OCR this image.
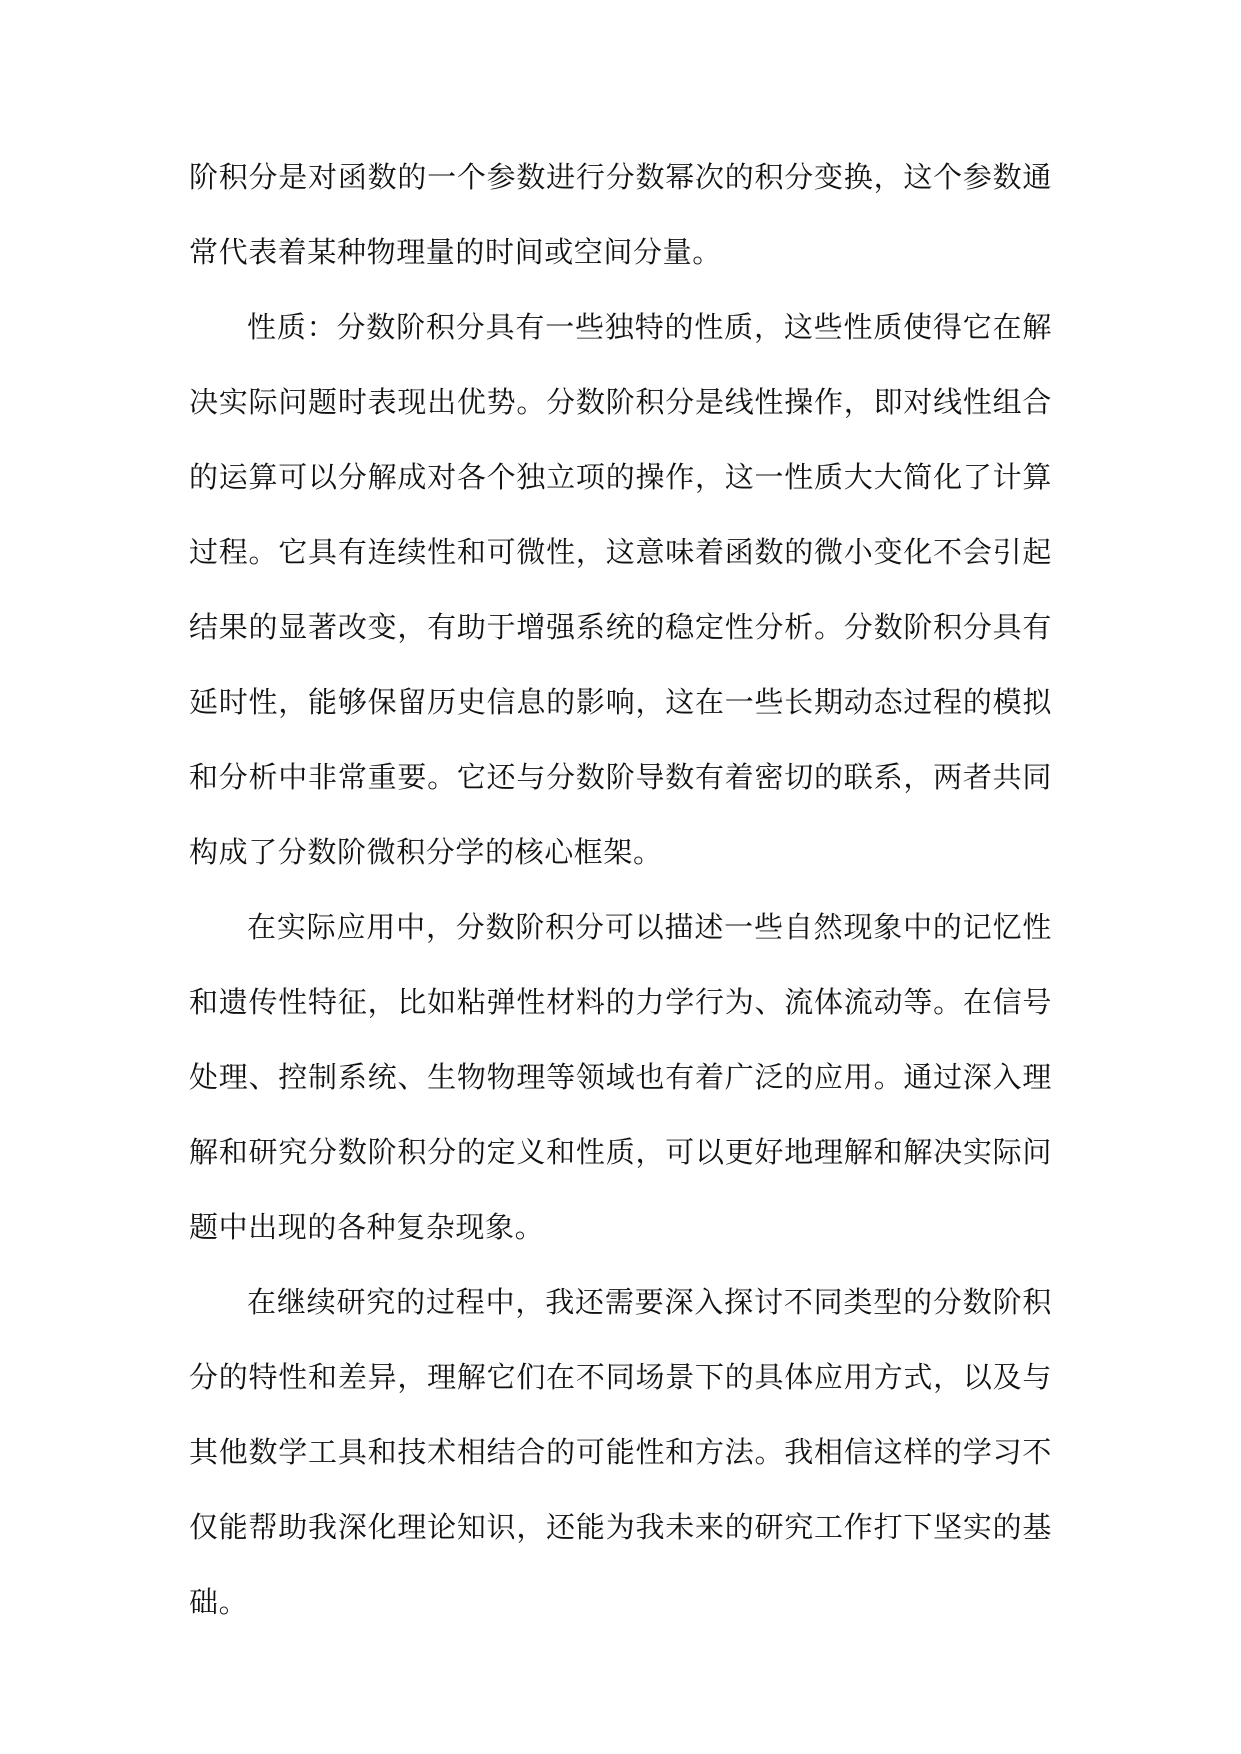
阶积分是对函数的一个参数进行分数幂次的积分变换，这个参数通常代表着某种物理量的时间或空间分量。

性质：分数阶积分具有一些独特的性质，这些性质使得它在解决实际问题时表现出优势。分数阶积分是线性操作，即对线性组合的运算可以分解成对各个独立项的操作，这一性质大大简化了计算过程。它具有连续性和可微性，这意味着函数的微小变化不会引起结果的显著改变，有助于增强系统的稳定性分析。分数阶积分具有延时性，能够保留历史信息的影响，这在一些长期动态过程的模拟和分析中非常重要。它还与分数阶导数有着密切的联系，两者共同构成了分数阶微积分学的核心框架。

在实际应用中，分数阶积分可以描述一些自然现象中的记忆性和遗传性特征，比如粘弹性材料的力学行为、流体流动等。在信号处理、控制系统、生物物理等领域也有着广泛的应用。通过深入理解和研究分数阶积分的定义和性质，可以更好地理解和解决实际问题中出现的各种复杂现象。

在继续研究的过程中，我还需要深入探讨不同类型的分数阶积分的特性和差异，理解它们在不同场景下的具体应用方式，以及与其他数学工具和技术相结合的可能性和方法。我相信这样的学习不仅能帮助我深化理论知识，还能为我未来的研究工作打下坚实的基础。
